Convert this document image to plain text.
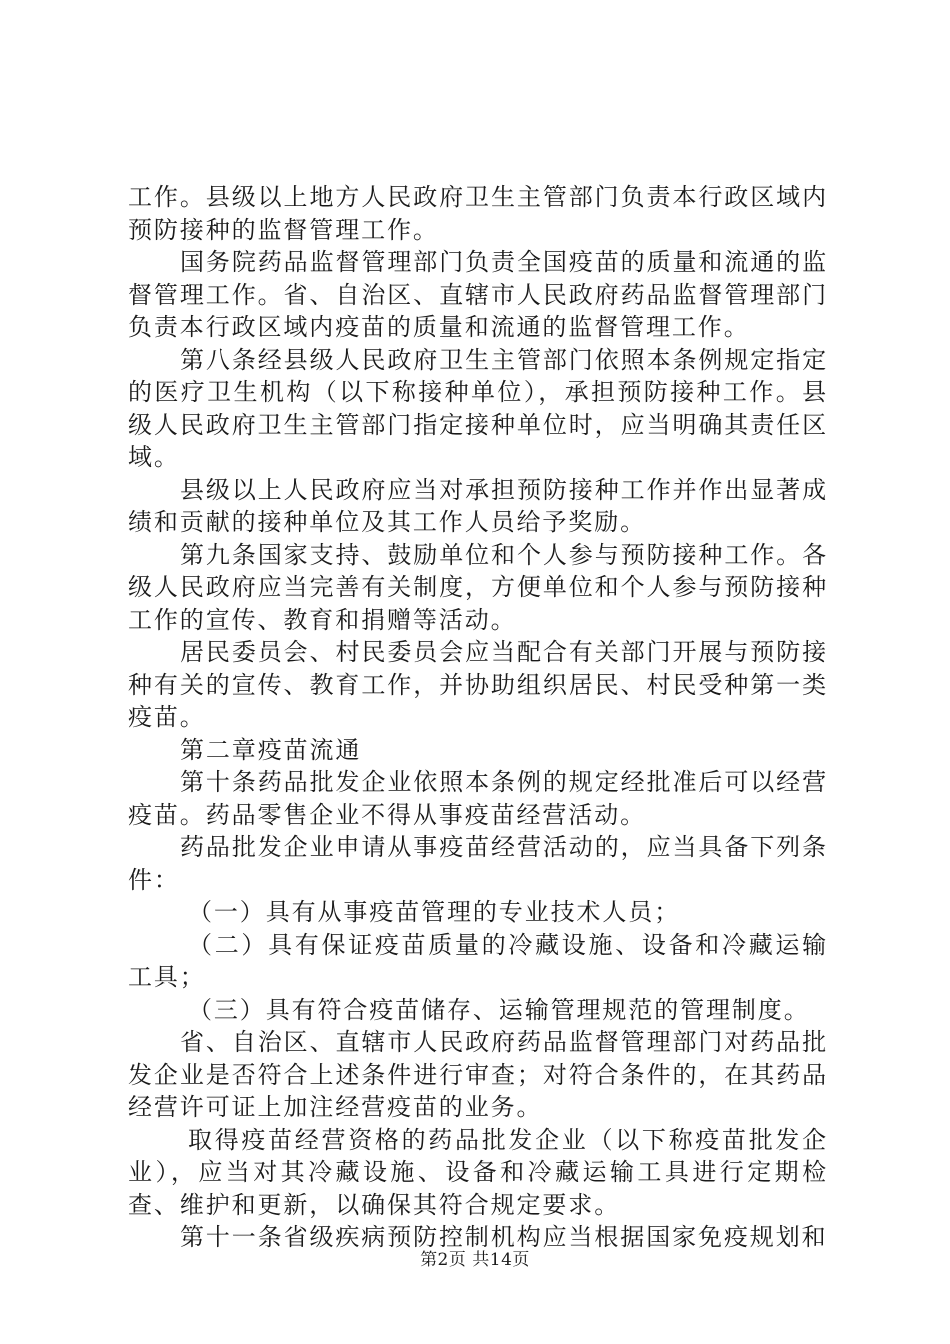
工作。县级以上地方人民政府卫生主管部门负责本行政区域内预防接种的监督管理工作。

国务院药品监督管理部门负责全国疫苗的质量和流通的监督管理工作。省、自治区、直辖市人民政府药品监督管理部门负责本行政区域内疫苗的质量和流通的监督管理工作。

第八条经县级人民政府卫生主管部门依照本条例规定指定的医疗卫生机构（以下称接种单位），承担预防接种工作。县级人民政府卫生主管部门指定接种单位时，应当明确其责任区域。

县级以上人民政府应当对承担预防接种工作并作出显著成绩和贡献的接种单位及其工作人员给予奖励。

第九条国家支持、鼓励单位和个人参与预防接种工作。各级人民政府应当完善有关制度，方便单位和个人参与预防接种工作的宣传、教育和捐赠等活动。

居民委员会、村民委员会应当配合有关部门开展与预防接种有关的宣传、教育工作，并协助组织居民、村民受种第一类疫苗。

第二章疫苗流通

第十条药品批发企业依照本条例的规定经批准后可以经营疫苗。药品零售企业不得从事疫苗经营活动。

药品批发企业申请从事疫苗经营活动的，应当具备下列条件：

（一）具有从事疫苗管理的专业技术人员；

（二）具有保证疫苗质量的冷藏设施、设备和冷藏运输工具；

（三）具有符合疫苗储存、运输管理规范的管理制度。

省、自治区、直辖市人民政府药品监督管理部门对药品批发企业是否符合上述条件进行审查；对符合条件的，在其药品经营许可证上加注经营疫苗的业务。

取得疫苗经营资格的药品批发企业（以下称疫苗批发企业），应当对其冷藏设施、设备和冷藏运输工具进行定期检查、维护和更新，以确保其符合规定要求。

第十一条省级疾病预防控制机构应当根据国家免疫规划和

第2页 共14页
